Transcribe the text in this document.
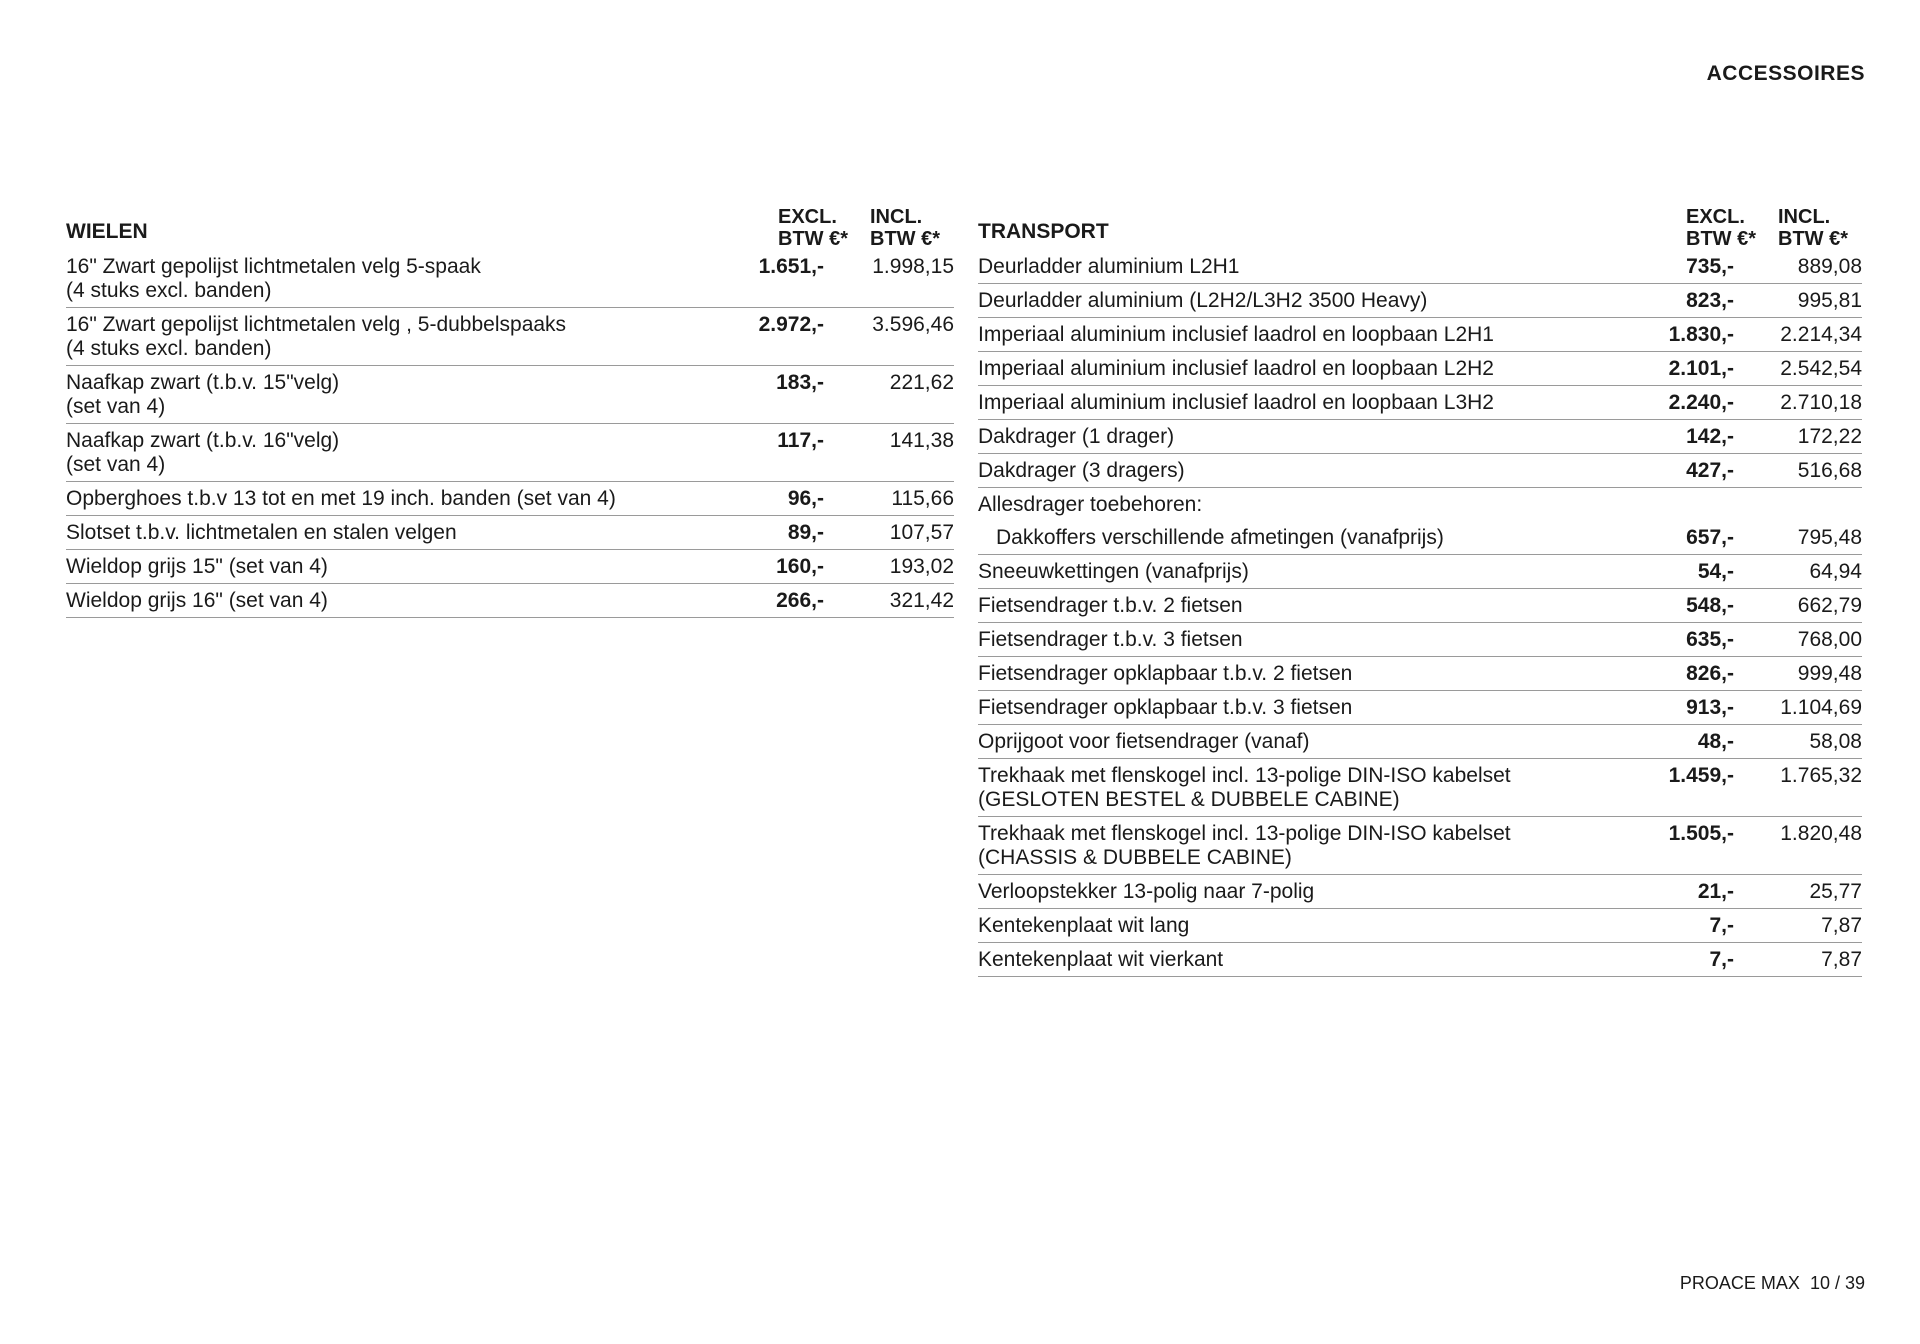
ACCESSOIRES
WIELEN
EXCL.
BTW €*
INCL.
BTW €*
16" Zwart gepolijst lichtmetalen velg 5-spaak
(4 stuks excl. banden)
1.651,-	1.998,15
16" Zwart gepolijst lichtmetalen velg , 5-dubbelspaaks
(4 stuks excl. banden)
2.972,-	3.596,46
Naafkap zwart (t.b.v. 15"velg)
(set van 4)
183,-	221,62
Naafkap zwart (t.b.v. 16"velg)
(set van 4)
117,-	141,38
Opberghoes t.b.v 13 tot en met 19 inch. banden (set van 4)	96,-	115,66
Slotset t.b.v. lichtmetalen en stalen velgen	89,-	107,57
Wieldop grijs 15" (set van 4)	160,-	193,02
Wieldop grijs 16" (set van 4)	266,-	321,42
TRANSPORT
EXCL.
BTW €*
INCL.
BTW €*
Deurladder aluminium L2H1	735,-	889,08
Deurladder aluminium (L2H2/L3H2 3500 Heavy)	823,-	995,81
Imperiaal aluminium inclusief laadrol en loopbaan L2H1	1.830,-	2.214,34
Imperiaal aluminium inclusief laadrol en loopbaan L2H2	2.101,-	2.542,54
Imperiaal aluminium inclusief laadrol en loopbaan L3H2	2.240,-	2.710,18
Dakdrager (1 drager)	142,-	172,22
Dakdrager (3 dragers)	427,-	516,68
Allesdrager toebehoren:
Dakkoffers verschillende afmetingen (vanafprijs)	657,-	795,48
Sneeuwkettingen (vanafprijs)	54,-	64,94
Fietsendrager t.b.v. 2 fietsen	548,-	662,79
Fietsendrager t.b.v. 3 fietsen	635,-	768,00
Fietsendrager opklapbaar t.b.v. 2 fietsen	826,-	999,48
Fietsendrager opklapbaar t.b.v. 3 fietsen	913,-	1.104,69
Oprijgoot voor fietsendrager (vanaf)	48,-	58,08
Trekhaak met flenskogel incl. 13-polige DIN-ISO kabelset
(GESLOTEN BESTEL & DUBBELE CABINE)
1.459,-	1.765,32
Trekhaak met flenskogel incl. 13-polige DIN-ISO kabelset
(CHASSIS & DUBBELE CABINE)
1.505,-	1.820,48
Verloopstekker 13-polig naar 7-polig	21,-	25,77
Kentekenplaat wit lang	7,-	7,87
Kentekenplaat wit vierkant	7,-	7,87
PROACE MAX 10 / 39
